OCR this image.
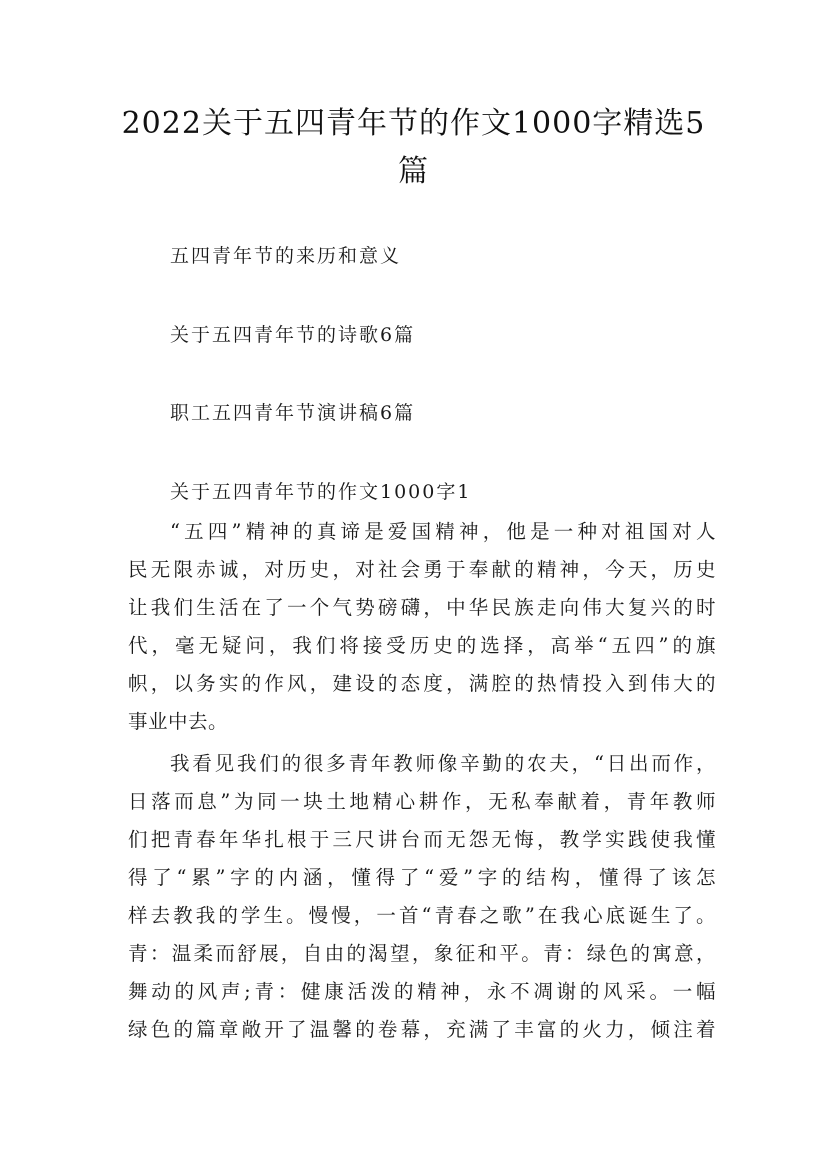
2022关于五四青年节的作文1000字精选5
篇
五四青年节的来历和意义
关于五四青年节的诗歌6篇
职工五四青年节演讲稿6篇
关于五四青年节的作文1000字1
“五四”精神的真谛是爱国精神，他是一种对祖国对人
民无限赤诚，对历史，对社会勇于奉献的精神，今天，历史
让我们生活在了一个气势磅礴，中华民族走向伟大复兴的时
代，毫无疑问，我们将接受历史的选择，高举“五四”的旗
帜，以务实的作风，建设的态度，满腔的热情投入到伟大的
事业中去。
我看见我们的很多青年教师像辛勤的农夫，“日出而作，
日落而息”为同一块土地精心耕作，无私奉献着，青年教师
们把青春年华扎根于三尺讲台而无怨无悔，教学实践使我懂
得了“累”字的内涵，懂得了“爱”字的结构，懂得了该怎
样去教我的学生。慢慢，一首“青春之歌”在我心底诞生了。
青：温柔而舒展，自由的渴望，象征和平。青：绿色的寓意，
舞动的风声;青：健康活泼的精神，永不凋谢的风采。一幅
绿色的篇章敞开了温馨的卷幕，充满了丰富的火力，倾注着
